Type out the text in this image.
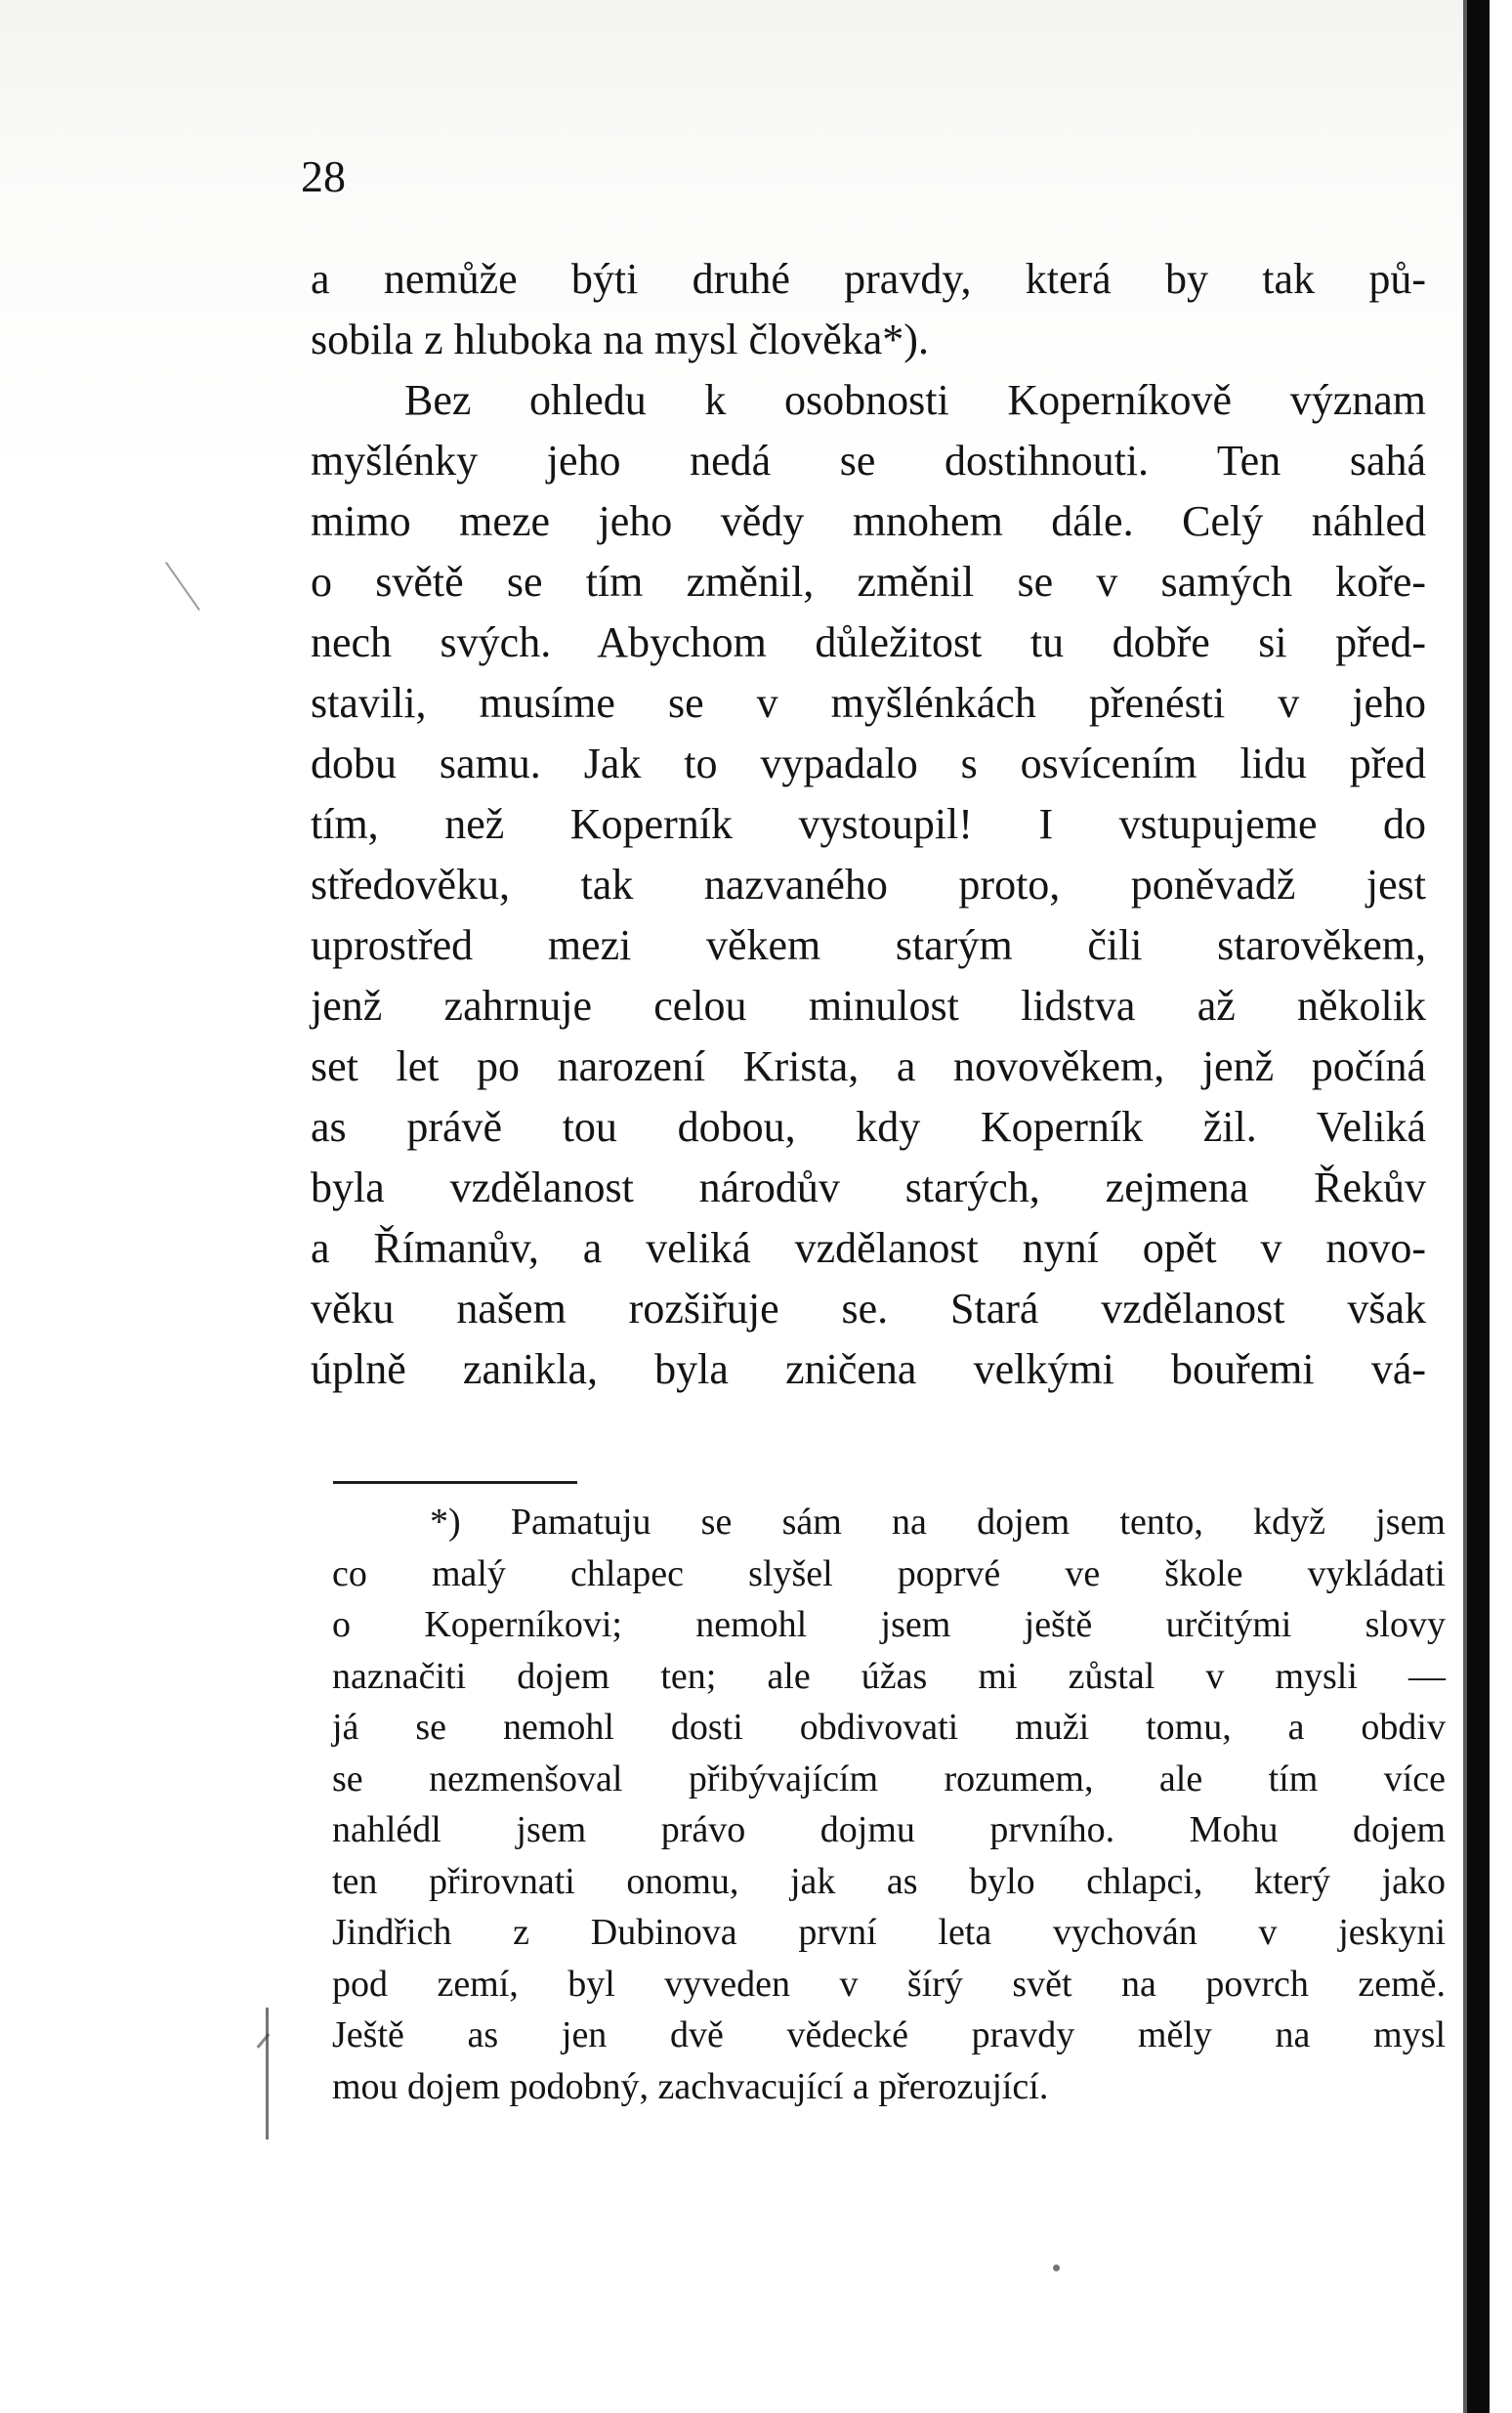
28
a nemůže býti druhé pravdy, která by tak pů-
sobila z hluboka na mysl člověka*).
Bez ohledu k osobnosti Koperníkově význam
myšlénky jeho nedá se dostihnouti. Ten sahá
mimo meze jeho vědy mnohem dále. Celý náhled
o světě se tím změnil, změnil se v samých koře-
nech svých. Abychom důležitost tu dobře si před-
stavili, musíme se v myšlénkách přenésti v jeho
dobu samu. Jak to vypadalo s osvícením lidu před
tím, než Koperník vystoupil! I vstupujeme do
středověku, tak nazvaného proto, poněvadž jest
uprostřed mezi věkem starým čili starověkem,
jenž zahrnuje celou minulost lidstva až několik
set let po narození Krista, a novověkem, jenž počíná
as právě tou dobou, kdy Koperník žil. Veliká
byla vzdělanost národův starých, zejmena Řekův
a Římanův, a veliká vzdělanost nyní opět v novo-
věku našem rozšiřuje se. Stará vzdělanost však
úplně zanikla, byla zničena velkými bouřemi vá-
*) Pamatuju se sám na dojem tento, když jsem
co malý chlapec slyšel poprvé ve škole vykládati
o Koperníkovi; nemohl jsem ještě určitými slovy
naznačiti dojem ten; ale úžas mi zůstal v mysli —
já se nemohl dosti obdivovati muži tomu, a obdiv
se nezmenšoval přibývajícím rozumem, ale tím více
nahlédl jsem právo dojmu prvního. Mohu dojem
ten přirovnati onomu, jak as bylo chlapci, který jako
Jindřich z Dubinova první leta vychován v jeskyni
pod zemí, byl vyveden v šírý svět na povrch země.
Ještě as jen dvě vědecké pravdy měly na mysl
mou dojem podobný, zachvacující a přerozující.
